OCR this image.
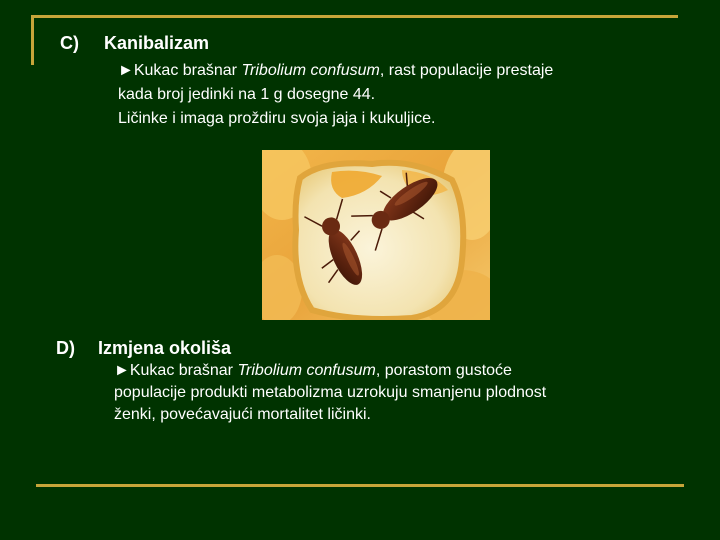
C) Kanibalizam

►Kukac brašnar Tribolium confusum, rast populacije prestaje

kada broj jedinki na 1 g dosegne 44.

Ličinke i imaga proždiru svoja jaja i kukuljice.

D) Izmjena okoliša

►Kukac brašnar Tribolium confusum, porastom gustoće

populacije produkti metabolizma uzrokuju smanjenu plodnost

ženki, povećavajući mortalitet ličinki.
